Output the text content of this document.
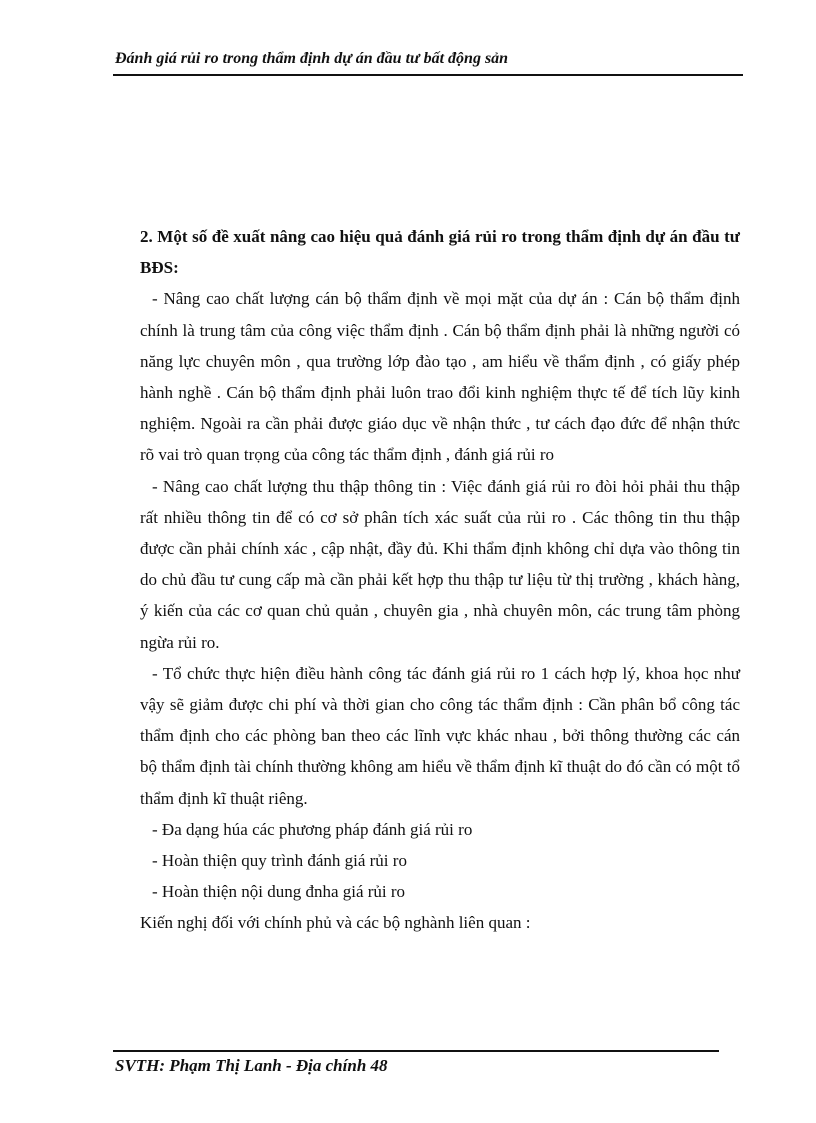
Đánh giá rủi ro trong thẩm định dự án đầu tư bất động sản

2. Một số đề xuất nâng cao hiệu quả đánh giá rủi ro trong thẩm định dự án đầu tư BĐS:

- Nâng cao chất lượng cán bộ thẩm định về mọi mặt của dự án : Cán bộ thẩm định chính là trung tâm của công việc thẩm định . Cán bộ thẩm định phải là những người có năng lực chuyên môn , qua trường lớp đào tạo , am hiểu về thẩm định , có giấy phép hành nghề . Cán bộ thẩm định phải luôn trao đổi kinh nghiệm thực tế để tích lũy kinh nghiệm. Ngoài ra cần phải được giáo dục về nhận thức , tư cách đạo đức để nhận thức rõ vai trò quan trọng của công tác thẩm định , đánh giá rủi ro

- Nâng cao chất lượng thu thập thông tin : Việc đánh giá rủi ro đòi hỏi phải thu thập rất nhiều thông tin để có cơ sở phân tích xác suất của rủi ro . Các thông tin thu thập được cần phải chính xác , cập nhật, đầy đủ. Khi thẩm định không chỉ dựa vào thông tin do chủ đầu tư cung cấp mà cần phải kết hợp thu thập tư liệu từ thị trường , khách hàng, ý kiến của các cơ quan chủ quản , chuyên gia , nhà chuyên môn, các trung tâm phòng ngừa rủi ro.

- Tổ chức thực hiện điều hành công tác đánh giá rủi ro 1 cách hợp lý, khoa học như vậy sẽ giảm được chi phí và thời gian cho công tác thẩm định : Cần phân bổ công tác thẩm định cho các phòng ban theo các lĩnh vực khác nhau , bởi thông thường các cán bộ thẩm định tài chính thường không am hiểu về thẩm định kĩ thuật do đó cần có một tổ thẩm định kĩ thuật riêng.

- Đa dạng húa các phương pháp đánh giá rủi ro

- Hoàn thiện quy trình đánh giá rủi ro

- Hoàn thiện nội dung đnha giá rủi ro

Kiến nghị đối với chính phủ và các bộ nghành liên quan :

SVTH: Phạm Thị Lanh - Địa chính 48
